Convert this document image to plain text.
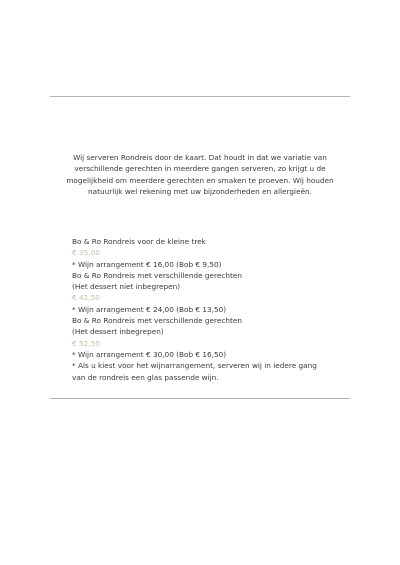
Wij serveren Rondreis door de kaart. Dat houdt in dat we variatie van verschillende gerechten in meerdere gangen serveren, zo krijgt u de mogelijkheid om meerdere gerechten en smaken te proeven. Wij houden natuurlijk wel rekening met uw bijzonderheden en allergieën.
Bo & Ro Rondreis voor de kleine trek
€ 35,00
* Wijn arrangement € 16,00 (Bob € 9,50)
Bo & Ro Rondreis met verschillende gerechten
(Het dessert niet inbegrepen)
€ 42,50
* Wijn arrangement € 24,00 (Bob € 13,50)
Bo & Ro Rondreis met verschillende gerechten
(Het dessert inbegrepen)
€ 52,50
* Wijn arrangement € 30,00 (Bob € 16,50)
* Als u kiest voor het wijnarrangement, serveren wij in iedere gang
van de rondreis een glas passende wijn.
